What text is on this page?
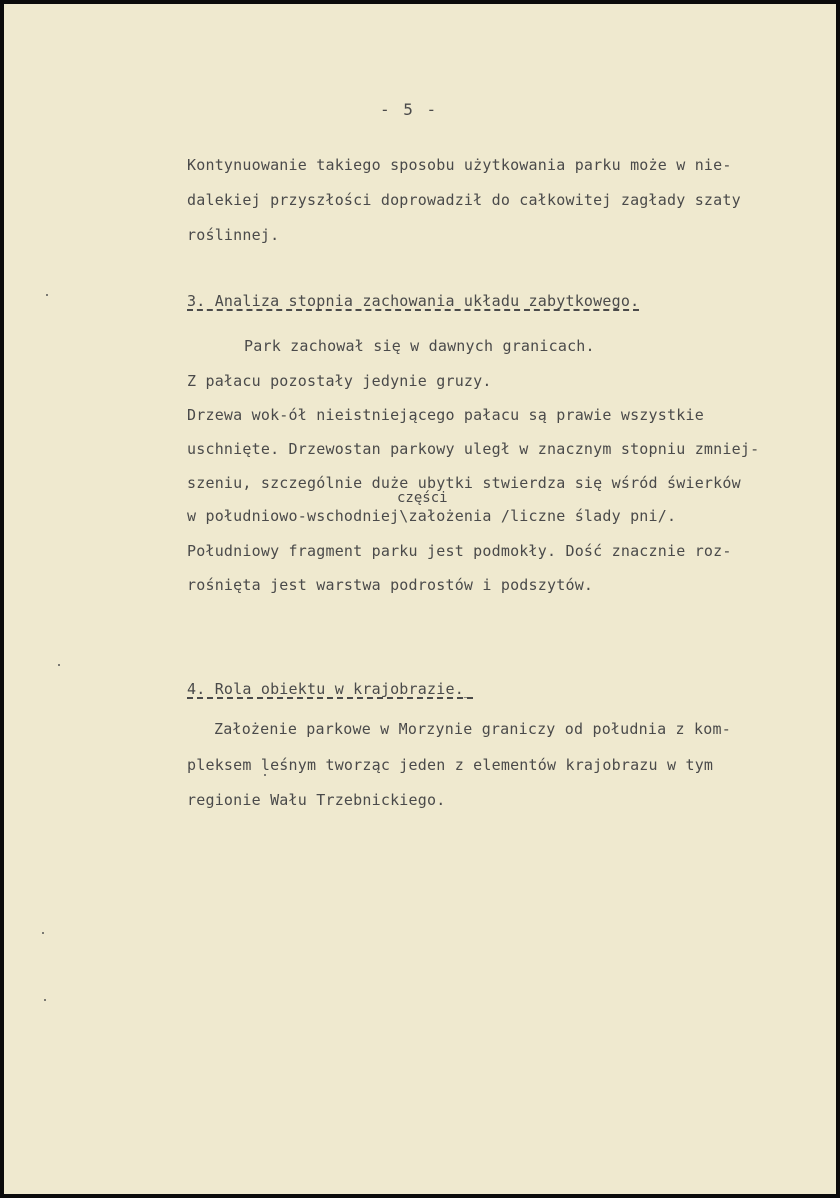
- 5 -
Kontynuowanie takiego sposobu użytkowania parku może w nie-
dalekiej przyszłości doprowadził do całkowitej zagłady szaty
roślinnej.
3. Analiza stopnia zachowania układu zabytkowego.
Park zachował się w dawnych granicach.
Z pałacu pozostały jedynie gruzy.
Drzewa wok-ół nieistniejącego pałacu są prawie wszystkie
uschnięte. Drzewostan parkowy uległ w znacznym stopniu zmniej-
szeniu, szczególnie duże ubytki stwierdza się wśród świerków
części
w południowo-wschodniej\założenia /liczne ślady pni/.
Południowy fragment parku jest podmokły. Dość znacznie roz-
rośnięta jest warstwa podrostów i podszytów.
4. Rola obiektu w krajobrazie._
Założenie parkowe w Morzynie graniczy od południa z kom-
pleksem leśnym tworząc jeden z elementów krajobrazu w tym
regionie Wału Trzebnickiego.
